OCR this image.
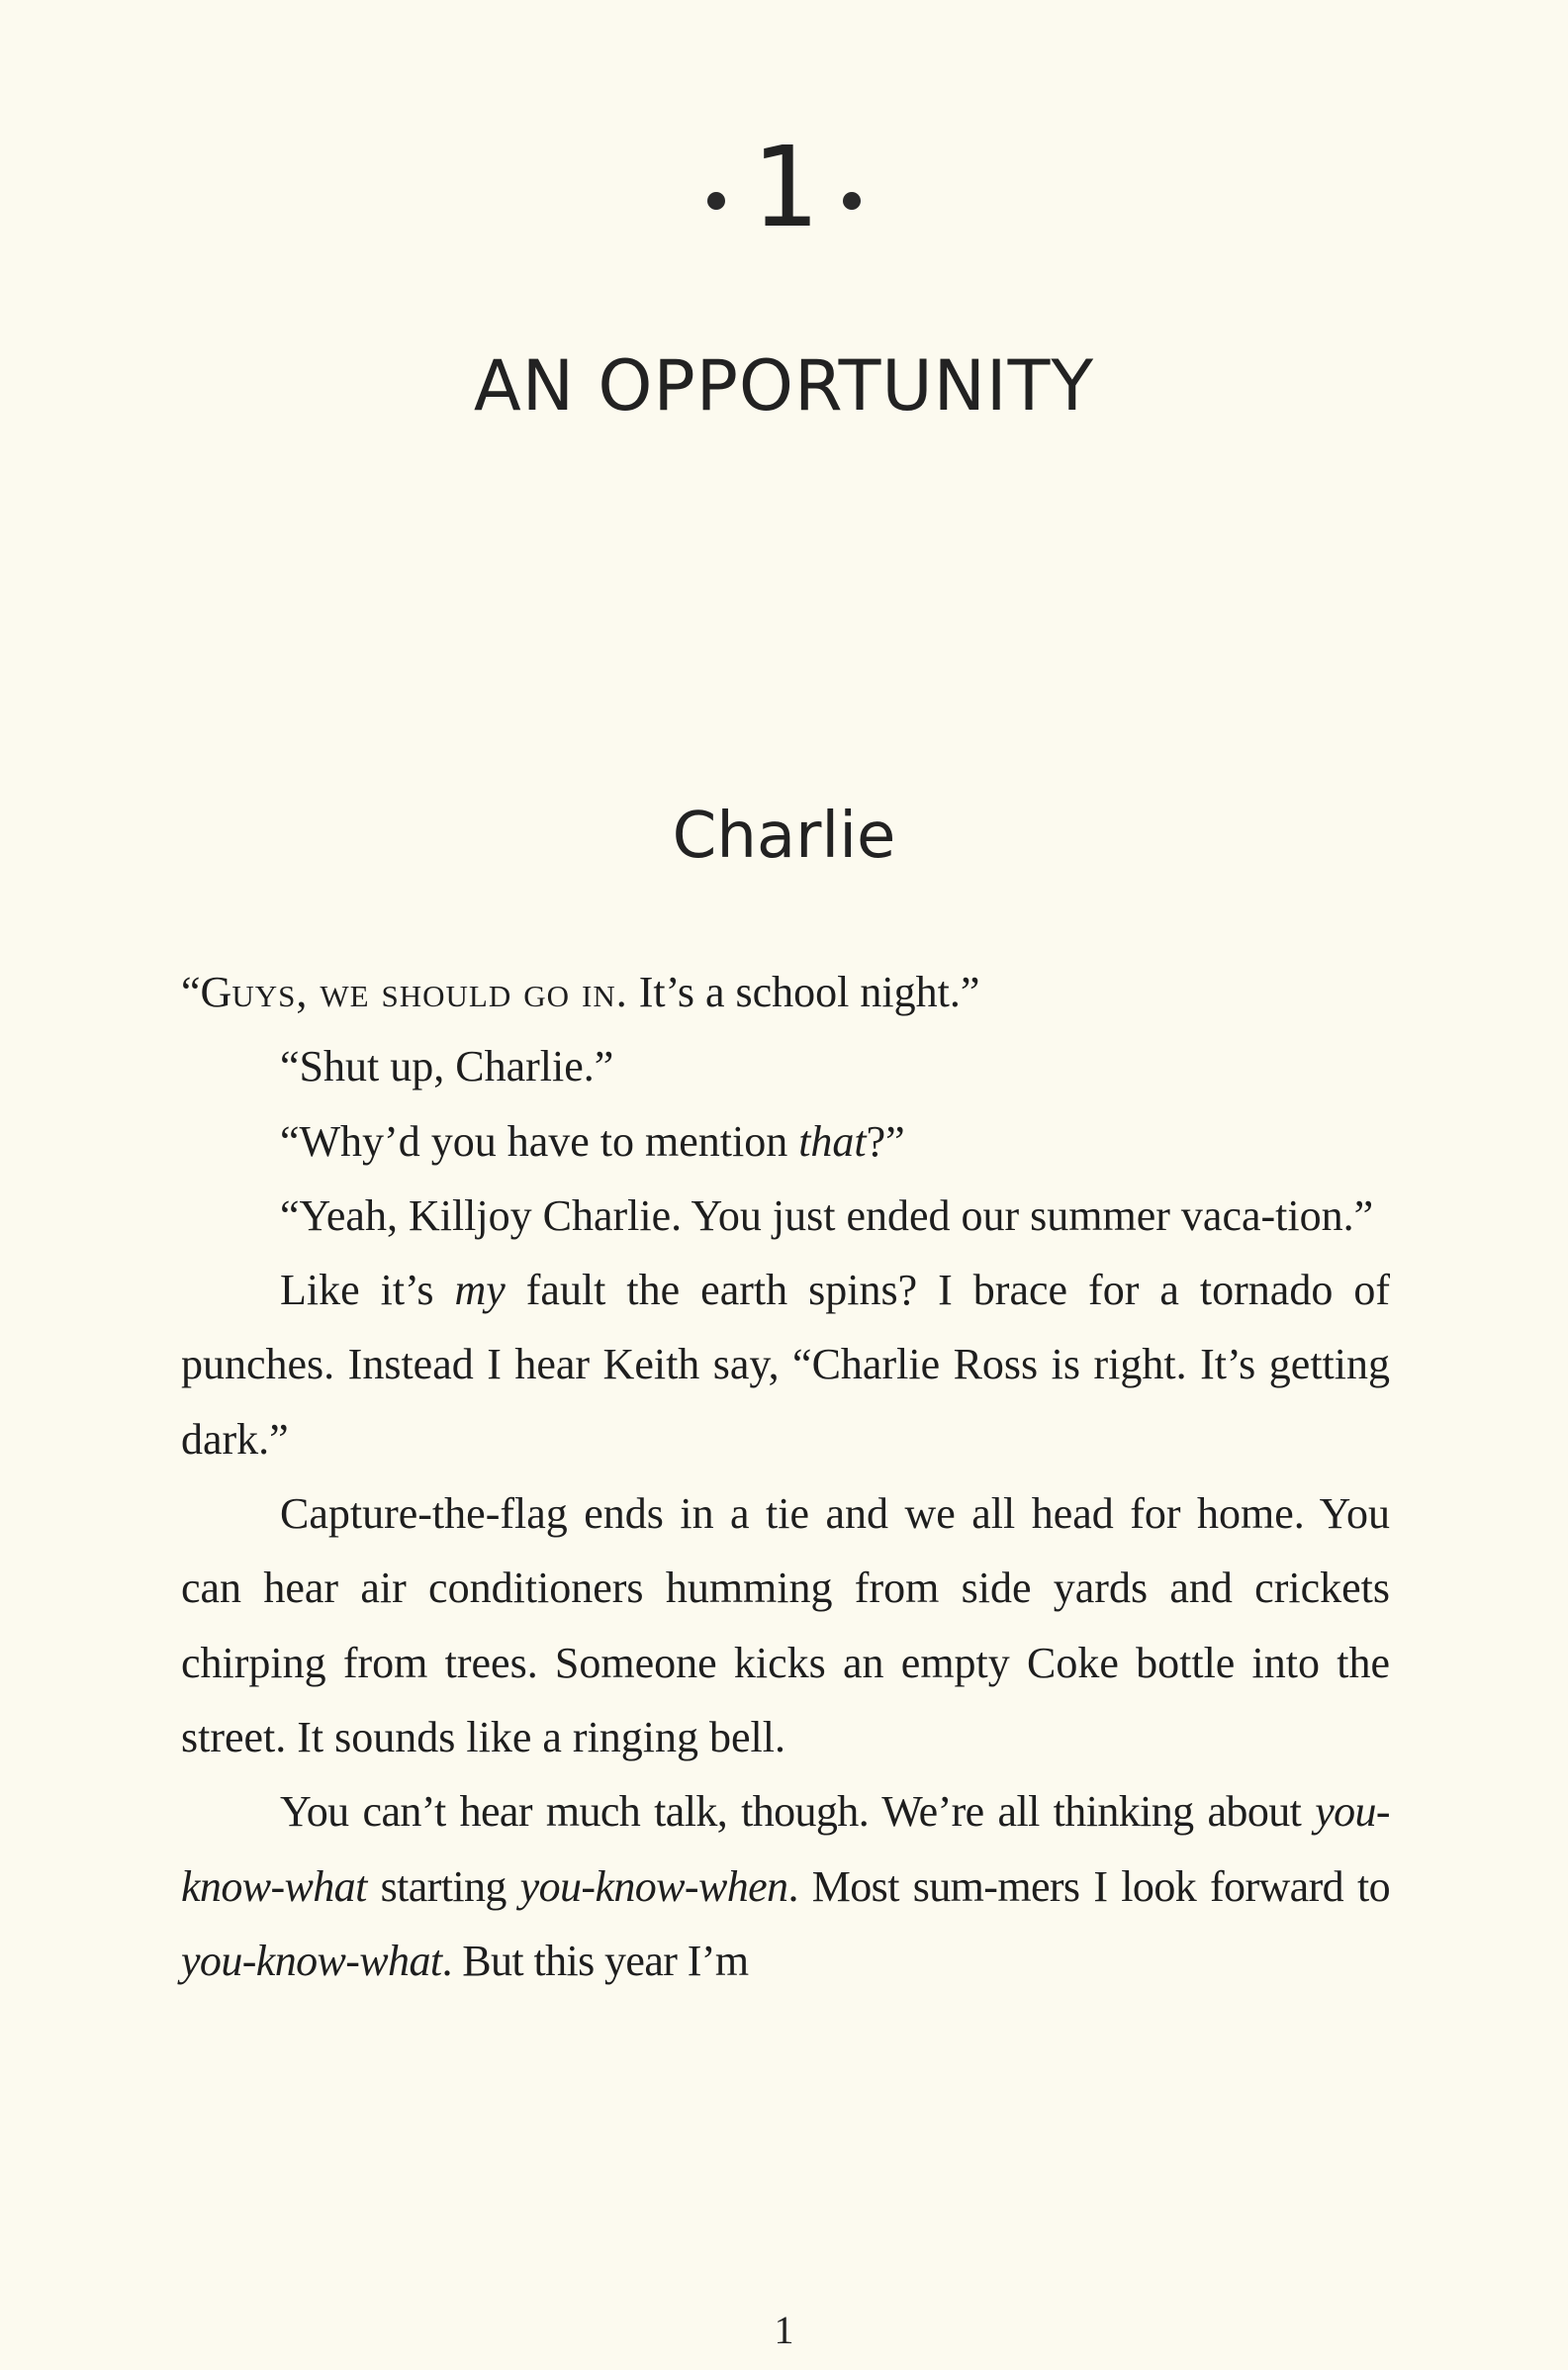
1
AN OPPORTUNITY
Charlie

“Guys, we should go in. It’s a school night.”

“Shut up, Charlie.”

“Why’d you have to mention that?”

“Yeah, Killjoy Charlie. You just ended our summer vaca-tion.”

Like it’s my fault the earth spins? I brace for a tornado of punches. Instead I hear Keith say, “Charlie Ross is right. It’s getting dark.”

Capture-the-flag ends in a tie and we all head for home. You can hear air conditioners humming from side yards and crickets chirping from trees. Someone kicks an empty Coke bottle into the street. It sounds like a ringing bell.

You can’t hear much talk, though. We’re all thinking about you-know-what starting you-know-when. Most sum-mers I look forward to you-know-what. But this year I’m

1
